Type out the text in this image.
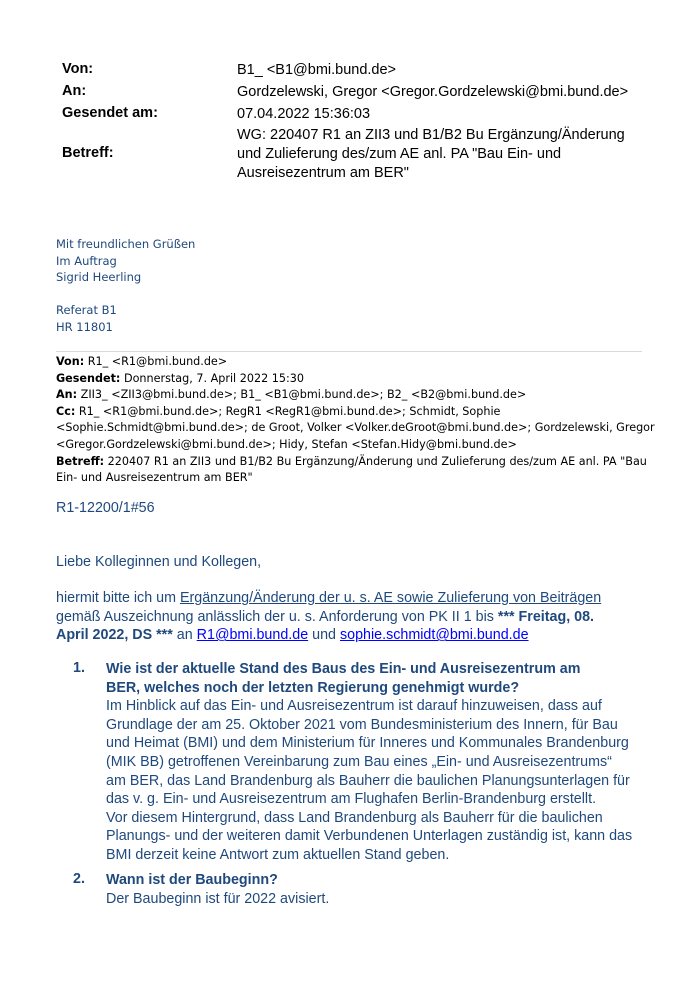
Von:	B1_ <B1@bmi.bund.de>
An:	Gordzelewski, Gregor <Gregor.Gordzelewski@bmi.bund.de>
Gesendet am:	07.04.2022 15:36:03
Betreff:
WG: 220407 R1 an ZII3 und B1/B2 Bu Ergänzung/Änderung
und Zulieferung des/zum AE anl. PA "Bau Ein- und
Ausreisezentrum am BER"
Mit freundlichen Grüßen
Im Auftrag
Sigrid Heerling
Referat B1
HR 11801
Von: R1_ <R1@bmi.bund.de>
Gesendet: Donnerstag, 7. April 2022 15:30
An: ZII3_ <ZII3@bmi.bund.de>; B1_ <B1@bmi.bund.de>; B2_ <B2@bmi.bund.de>
Cc: R1_ <R1@bmi.bund.de>; RegR1 <RegR1@bmi.bund.de>; Schmidt, Sophie
<Sophie.Schmidt@bmi.bund.de>; de Groot, Volker <Volker.deGroot@bmi.bund.de>; Gordzelewski, Gregor
<Gregor.Gordzelewski@bmi.bund.de>; Hidy, Stefan <Stefan.Hidy@bmi.bund.de>
Betreff: 220407 R1 an ZII3 und B1/B2 Bu Ergänzung/Änderung und Zulieferung des/zum AE anl. PA "Bau
Ein- und Ausreisezentrum am BER"
R1-12200/1#56
Liebe Kolleginnen und Kollegen,
hiermit bitte ich um Ergänzung/Änderung der u. s. AE sowie Zulieferung von Beiträgen
gemäß Auszeichnung anlässlich der u. s. Anforderung von PK II 1 bis *** Freitag, 08.
April 2022, DS *** an R1@bmi.bund.de und sophie.schmidt@bmi.bund.de
1. Wie ist der aktuelle Stand des Baus des Ein- und Ausreisezentrum am
BER, welches noch der letzten Regierung genehmigt wurde?
Im Hinblick auf das Ein- und Ausreisezentrum ist darauf hinzuweisen, dass auf
Grundlage der am 25. Oktober 2021 vom Bundesministerium des Innern, für Bau
und Heimat (BMI) und dem Ministerium für Inneres und Kommunales Brandenburg
(MIK BB) getroffenen Vereinbarung zum Bau eines „Ein- und Ausreisezentrums“
am BER, das Land Brandenburg als Bauherr die baulichen Planungsunterlagen für
das v. g. Ein- und Ausreisezentrum am Flughafen Berlin-Brandenburg erstellt.
Vor diesem Hintergrund, dass Land Brandenburg als Bauherr für die baulichen
Planungs- und der weiteren damit Verbundenen Unterlagen zuständig ist, kann das
BMI derzeit keine Antwort zum aktuellen Stand geben.
2. Wann ist der Baubeginn?
Der Baubeginn ist für 2022 avisiert.
